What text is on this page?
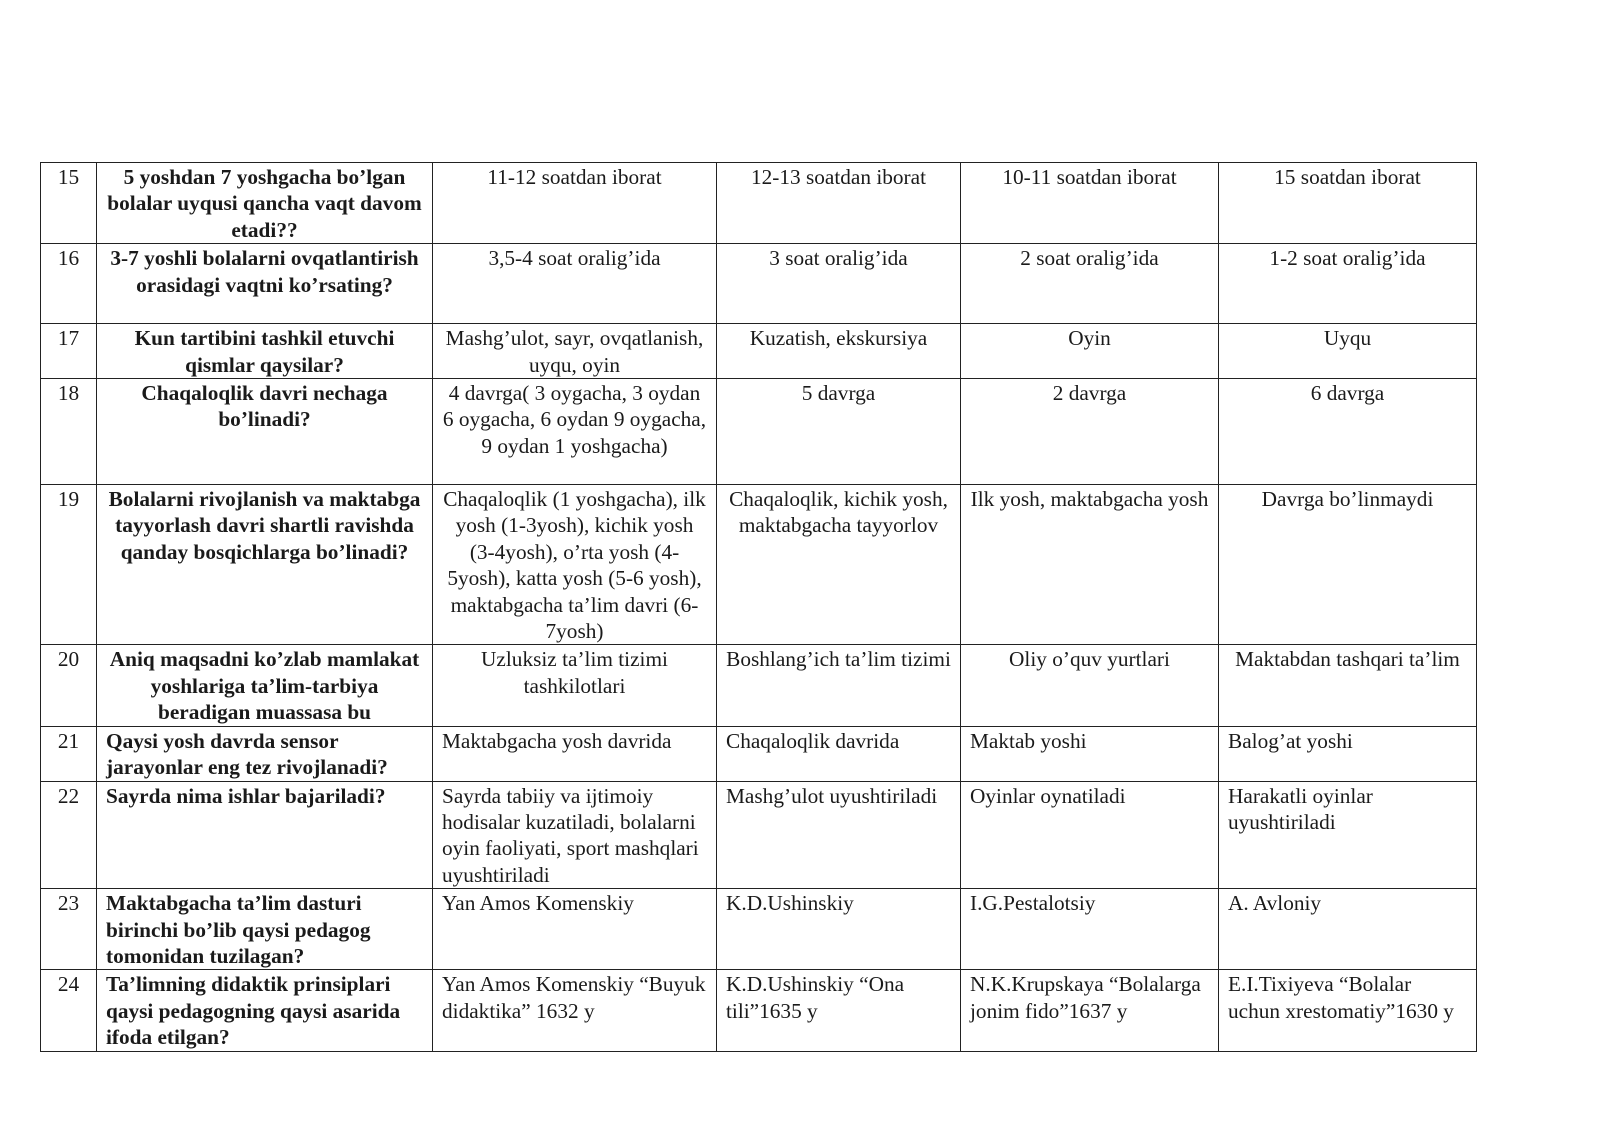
15	5 yoshdan 7 yoshgacha bo’lgan bolalar uyqusi qancha vaqt davom etadi??	11-12 soatdan iborat	12-13 soatdan iborat	10-11 soatdan iborat	15 soatdan iborat
16	3-7 yoshli bolalarni ovqatlantirish orasidagi vaqtni ko’rsating?	3,5-4 soat oralig’ida	3 soat oralig’ida	2 soat oralig’ida	1-2 soat oralig’ida
17	Kun tartibini tashkil etuvchi qismlar qaysilar?	Mashg’ulot, sayr, ovqatlanish, uyqu, oyin	Kuzatish, ekskursiya	Oyin	Uyqu
18	Chaqaloqlik davri nechaga bo’linadi?	4 davrga( 3 oygacha, 3 oydan 6 oygacha, 6 oydan 9 oygacha, 9 oydan 1 yoshgacha)	5 davrga	2 davrga	6 davrga
19	Bolalarni rivojlanish va maktabga tayyorlash davri shartli ravishda qanday bosqichlarga bo’linadi?	Chaqaloqlik (1 yoshgacha), ilk yosh (1-3yosh), kichik yosh (3-4yosh), o’rta yosh (4-5yosh), katta yosh (5-6 yosh), maktabgacha ta’lim davri (6-7yosh)	Chaqaloqlik, kichik yosh, maktabgacha tayyorlov	Ilk yosh, maktabgacha yosh	Davrga bo’linmaydi
20	Aniq maqsadni ko’zlab mamlakat yoshlariga ta’lim-tarbiya beradigan muassasa bu	Uzluksiz ta’lim tizimi tashkilotlari	Boshlang’ich ta’lim tizimi	Oliy o’quv yurtlari	Maktabdan tashqari ta’lim
21	Qaysi yosh davrda sensor jarayonlar eng tez rivojlanadi?	Maktabgacha yosh davrida	Chaqaloqlik davrida	Maktab yoshi	Balog’at yoshi
22	Sayrda nima ishlar bajariladi?	Sayrda tabiiy va ijtimoiy hodisalar kuzatiladi, bolalarni oyin faoliyati, sport mashqlari uyushtiriladi	Mashg’ulot uyushtiriladi	Oyinlar oynatiladi	Harakatli oyinlar uyushtiriladi
23	Maktabgacha ta’lim dasturi birinchi bo’lib qaysi pedagog tomonidan tuzilagan?	Yan Amos Komenskiy	K.D.Ushinskiy	I.G.Pestalotsiy	A. Avloniy
24	Ta’limning didaktik prinsiplari qaysi pedagogning qaysi asarida ifoda etilgan?	Yan Amos Komenskiy “Buyuk didaktika” 1632 y	K.D.Ushinskiy “Ona tili”1635 y	N.K.Krupskaya “Bolalarga jonim fido”1637 y	E.I.Tixiyeva “Bolalar uchun xrestomatiy”1630 y
